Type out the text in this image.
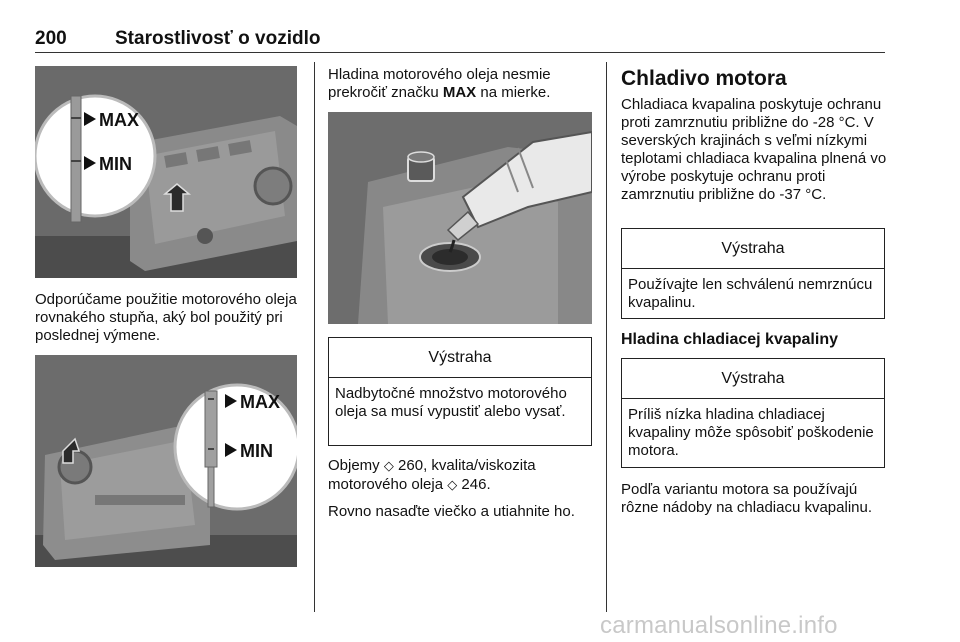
200	Starostlivosť o vozidlo
MAX
MIN

Odporúčame použitie motorového oleja rovnakého stupňa, aký bol použitý pri poslednej výmene.

MAX
MIN

Hladina motorového oleja nesmie prekročiť značku MAX na mierke.

Výstraha
Nadbytočné množstvo motorového oleja sa musí vypustiť alebo vysať.

Objemy ◇ 260, kvalita/viskozita
motorového oleja ◇ 246.

Rovno nasaďte viečko a utiahnite ho.

Chladivo motora

Chladiaca kvapalina poskytuje ochranu proti zamrznutiu približne do -28 °C. V severských krajinách s veľmi nízkymi teplotami chladiaca kvapalina plnená vo výrobe poskytuje ochranu proti zamrznutiu približne do -37 °C.

Výstraha
Používajte len schválenú nemrznúcu kvapalinu.
Hladina chladiacej kvapaliny
Výstraha
Príliš nízka hladina chladiacej kvapaliny môže spôsobiť poškodenie motora.

Podľa variantu motora sa používajú rôzne nádoby na chladiacu kvapalinu.

carmanualsonline.info
